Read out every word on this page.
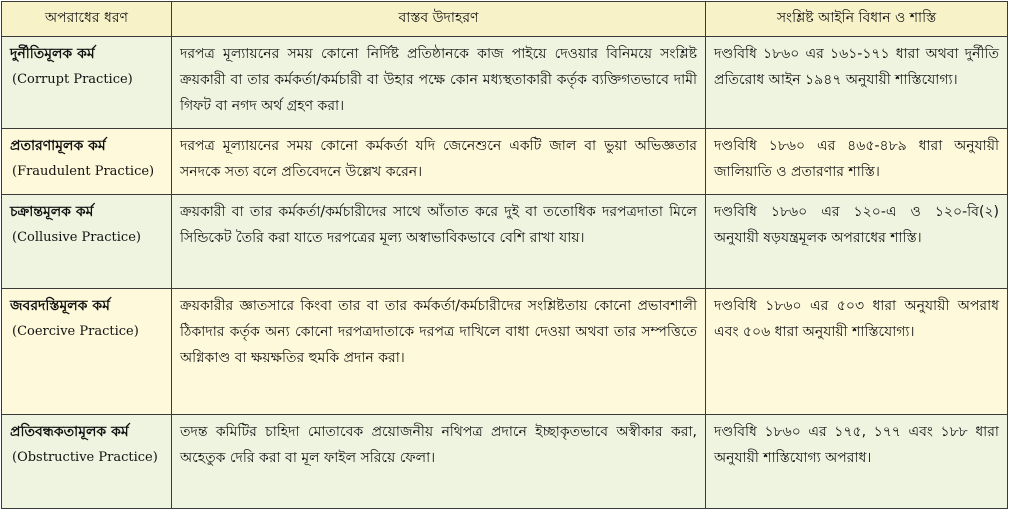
অপরাধের ধরণ	বাস্তব উদাহরণ	সংশ্লিষ্ট আইনি বিধান ও শাস্তি

দুর্নীতিমূলক কর্ম
(Corrupt Practice)	দরপত্র মূল্যায়নের সময় কোনো নির্দিষ্ট প্রতিষ্ঠানকে কাজ পাইয়ে দেওয়ার বিনিময়ে সংশ্লিষ্ট ক্রয়কারী বা তার কর্মকর্তা/কর্মচারী বা উহার পক্ষে কোন মধ্যস্থতাকারী কর্তৃক ব্যক্তিগতভাবে দামী গিফট বা নগদ অর্থ গ্রহণ করা।	দণ্ডবিধি ১৮৬০ এর ১৬১-১৭১ ধারা অথবা দুর্নীতি প্রতিরোধ আইন ১৯৪৭ অনুযায়ী শাস্তিযোগ্য।

প্রতারণামূলক কর্ম
(Fraudulent Practice)	দরপত্র মূল্যায়নের সময় কোনো কর্মকর্তা যদি জেনেশুনে একটি জাল বা ভুয়া অভিজ্ঞতার সনদকে সত্য বলে প্রতিবেদনে উল্লেখ করেন।	দণ্ডবিধি ১৮৬০ এর ৪৬৫-৪৮৯ ধারা অনুযায়ী জালিয়াতি ও প্রতারণার শাস্তি।

চক্রান্তমূলক কর্ম
(Collusive Practice)	ক্রয়কারী বা তার কর্মকর্তা/কর্মচারীদের সাথে আঁতাত করে দুই বা ততোধিক দরপত্রদাতা মিলে সিন্ডিকেট তৈরি করা যাতে দরপত্রের মূল্য অস্বাভাবিকভাবে বেশি রাখা যায়।	দণ্ডবিধি ১৮৬০ এর ১২০-এ ও ১২০-বি(২) অনুযায়ী ষড়যন্ত্রমূলক অপরাধের শাস্তি।

জবরদস্তিমূলক কর্ম
(Coercive Practice)	ক্রয়কারীর জ্ঞাতসারে কিংবা তার বা তার কর্মকর্তা/কর্মচারীদের সংশ্লিষ্টতায় কোনো প্রভাবশালী ঠিকাদার কর্তৃক অন্য কোনো দরপত্রদাতাকে দরপত্র দাখিলে বাধা দেওয়া অথবা তার সম্পত্তিতে অগ্নিকাণ্ড বা ক্ষয়ক্ষতির হুমকি প্রদান করা।	দণ্ডবিধি ১৮৬০ এর ৫০৩ ধারা অনুযায়ী অপরাধ এবং ৫০৬ ধারা অনুযায়ী শাস্তিযোগ্য।

প্রতিবন্ধকতামূলক কর্ম
(Obstructive Practice)	তদন্ত কমিটির চাহিদা মোতাবেক প্রয়োজনীয় নথিপত্র প্রদানে ইচ্ছাকৃতভাবে অস্বীকার করা, অহেতুক দেরি করা বা মূল ফাইল সরিয়ে ফেলা।	দণ্ডবিধি ১৮৬০ এর ১৭৫, ১৭৭ এবং ১৮৮ ধারা অনুযায়ী শাস্তিযোগ্য অপরাধ।
